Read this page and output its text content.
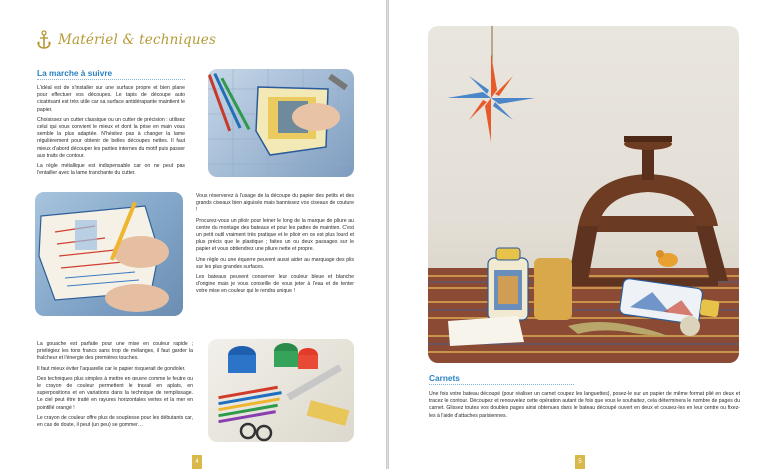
Matériel & techniques
La marche à suivre

L'idéal est de s'installer sur une surface propre et bien plane pour effectuer vos découpes. Le tapis de découpe auto cicatrisant est très utile car sa surface antidérapante maintient le papier.

Choisissez un cutter classique ou un cutter de précision : utilisez celui qui vous convient le mieux et dont la prise en main vous semble la plus adaptée. N'hésitez pas à changer la lame régulièrement pour obtenir de belles découpes nettes. Il faut mieux d'abord découper les parties internes du motif puis passer aux traits de contour.

La règle métallique est indispensable car on ne peut pas l'entailler avec la lame tranchante du cutter.

Vous réserverez à l'usage de la découpe du papier des petits et des grands ciseaux bien aiguisés mais bannissez vos ciseaux de couture !

Procurez-vous un plioir pour leiner le long de la marque de pliure au centre du montage des bateaux et pour les pattes de maintien. C'est un petit outil vraiment très pratique et le plioir en os est plus lourd et plus précis que le plastique ; faites un ou deux passages sur le papier et vous obtiendrez une pliure nette et propre.

Une règle ou une équerre peuvent aussi aider au marquage des plis sur les plus grandes surfaces.

Les bateaux peuvent conserver leur couleur bleue et blanche d'origine mais je vous conseille de vous jeter à l'eau et de tenter votre mise en couleur qui le rendra unique !

La gouache est parfaite pour une mise en couleur rapide ; privilégiez les tons francs sans trop de mélanges, il faut garder la fraîcheur et l'énergie des premières touches.

Il faut mieux éviter l'aquarelle car le papier risquerait de gondoler.

Des techniques plus simples à mettre en œuvre comme le feutre ou le crayon de couleur permettent le travail en aplats, en superpositions et en variations dans la technique de remplissage. Le ciel peut être traité en rayures horizontales vertes et la mer en pointillé orangé !

Le crayon de couleur offre plus de souplesse pour les débutants car, en cas de doute, il peut (un peu) se gommer…

4
Carnets

Une fois votre bateau découpé (pour réaliser un carnet coupez les languettes), posez-le sur un papier de même format plié en deux et tracez le contour. Découpez et renouvelez cette opération autant de fois que vous le souhaitez, cela déterminera le nombre de pages du carnet. Glissez toutes vos doubles pages ainsi obtenues dans le bateau découpé ouvert en deux et cousez-les en leur centre ou fixez-les à l'aide d'attaches parisiennes.

5
